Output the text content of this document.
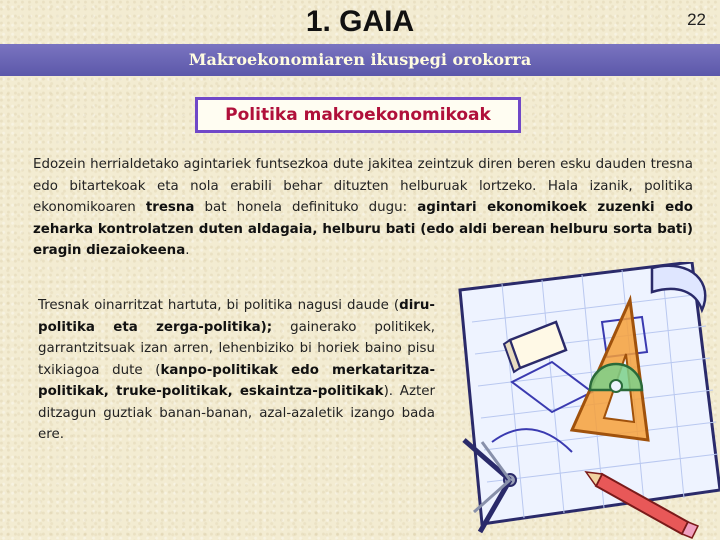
1. GAIA	22
Makroekonomiaren ikuspegi orokorra
Politika makroekonomikoak
Edozein herrialdetako agintariek funtsezkoa dute jakitea zeintzuk diren beren esku dauden tresna edo bitartekoak eta nola erabili behar dituzten helburuak lortzeko. Hala izanik, politika ekonomikoaren tresna bat honela definituko dugu: agintari ekonomikoek zuzenki edo zeharka kontrolatzen duten aldagaia, helburu bati (edo aldi berean helburu sorta bati) eragin diezaiokeena.
Tresnak oinarritzat hartuta, bi politika nagusi daude (diru-politika eta zerga-politika); gainerako politikek, garrantzitsuak izan arren, lehenbiziko bi horiek baino pisu txikiagoa dute (kanpo-politikak edo merkataritza-politikak, truke-politikak, eskaintza-politikak). Azter ditzagun guztiak banan-banan, azal-azaletik izango bada ere.
